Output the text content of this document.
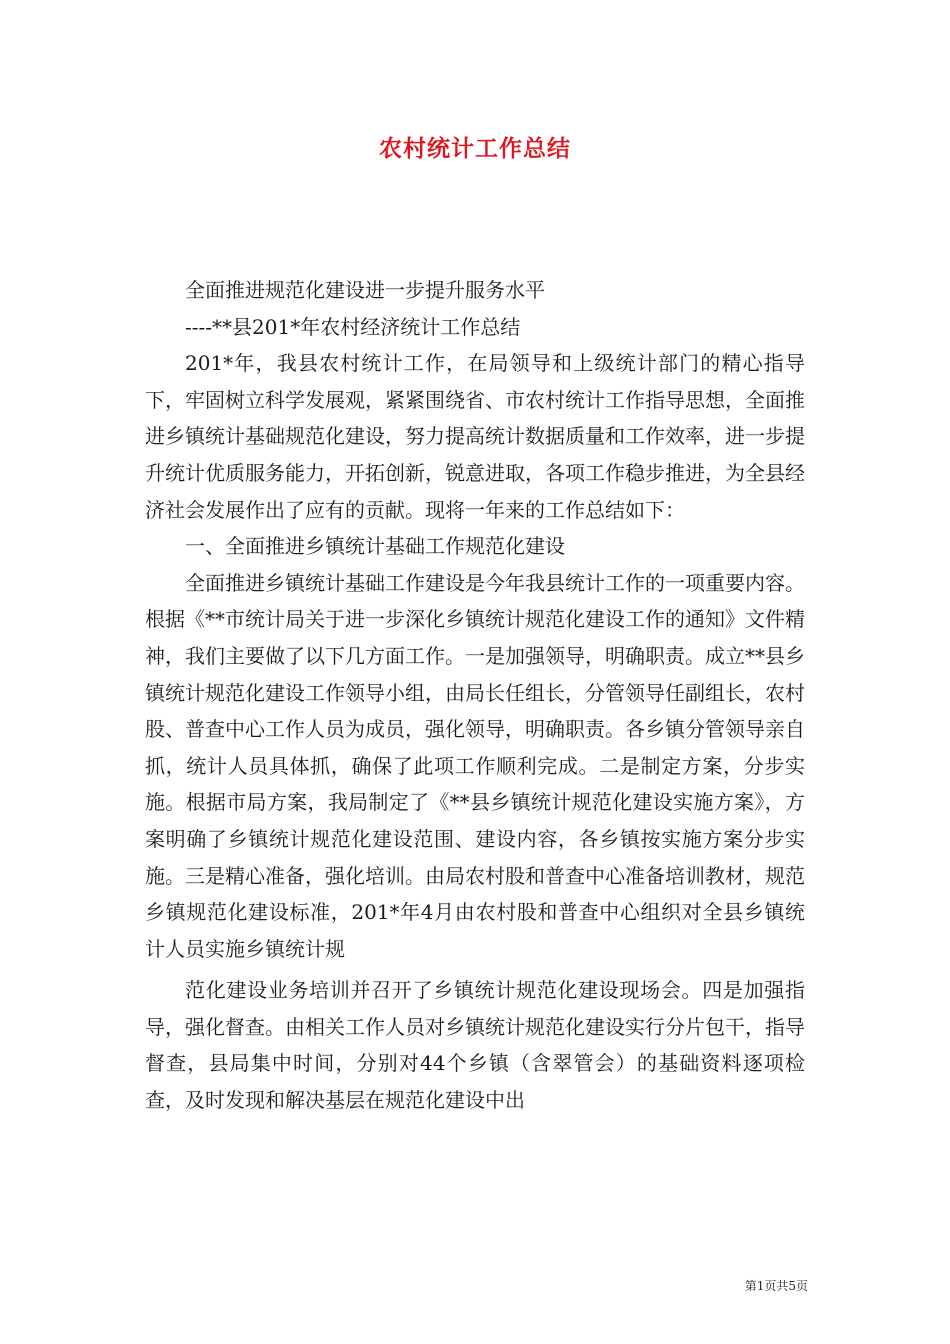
农村统计工作总结

全面推进规范化建设进一步提升服务水平

----**县201*年农村经济统计工作总结

201*年，我县农村统计工作，在局领导和上级统计部门的精心指导下，牢固树立科学发展观，紧紧围绕省、市农村统计工作指导思想，全面推进乡镇统计基础规范化建设，努力提高统计数据质量和工作效率，进一步提升统计优质服务能力，开拓创新，锐意进取，各项工作稳步推进，为全县经济社会发展作出了应有的贡献。现将一年来的工作总结如下：

一、全面推进乡镇统计基础工作规范化建设

全面推进乡镇统计基础工作建设是今年我县统计工作的一项重要内容。根据《**市统计局关于进一步深化乡镇统计规范化建设工作的通知》文件精神，我们主要做了以下几方面工作。一是加强领导，明确职责。成立**县乡镇统计规范化建设工作领导小组，由局长任组长，分管领导任副组长，农村股、普查中心工作人员为成员，强化领导，明确职责。各乡镇分管领导亲自抓，统计人员具体抓，确保了此项工作顺利完成。二是制定方案，分步实施。根据市局方案，我局制定了《**县乡镇统计规范化建设实施方案》，方案明确了乡镇统计规范化建设范围、建设内容，各乡镇按实施方案分步实施。三是精心准备，强化培训。由局农村股和普查中心准备培训教材，规范乡镇规范化建设标准，201*年4月由农村股和普查中心组织对全县乡镇统计人员实施乡镇统计规

范化建设业务培训并召开了乡镇统计规范化建设现场会。四是加强指导，强化督查。由相关工作人员对乡镇统计规范化建设实行分片包干，指导督查，县局集中时间，分别对44个乡镇（含翠管会）的基础资料逐项检查，及时发现和解决基层在规范化建设中出

第1页共5页
